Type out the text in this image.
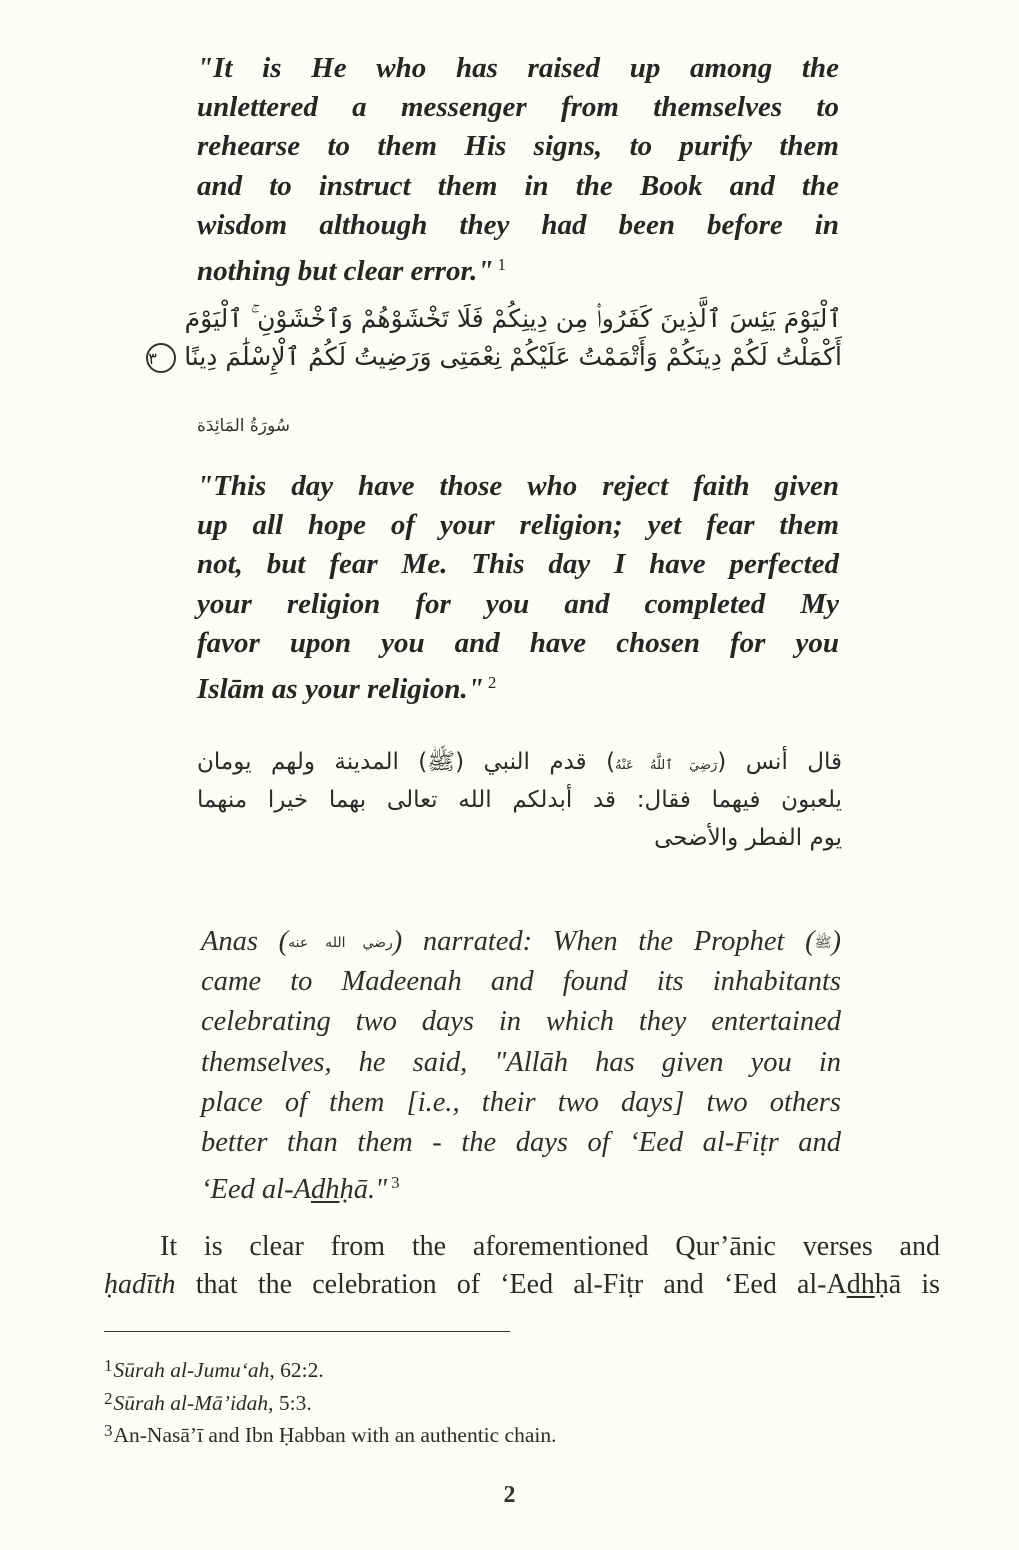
"It is He who has raised up among the
unlettered a messenger from themselves to
rehearse to them His signs, to purify them
and to instruct them in the Book and the
wisdom although they had been before in
nothing but clear error." $^1$
ٱلْيَوْمَ يَئِسَ ٱلَّذِينَ كَفَرُوا۟ مِن دِينِكُمْ فَلَا تَخْشَوْهُمْ وَٱخْشَوْنِ ۚ ٱلْيَوْمَ
أَكْمَلْتُ لَكُمْ دِينَكُمْ وَأَتْمَمْتُ عَلَيْكُمْ نِعْمَتِى وَرَضِيتُ لَكُمُ ٱلْإِسْلَٰمَ دِينًا ٣
سُورَةُ المَائِدَة
"This day have those who reject faith given
up all hope of your religion; yet fear them
not, but fear Me. This day I have perfected
your religion for you and completed My
favor upon you and have chosen for you
Islām as your religion." $^2$
قال أنس (رَضِيَ ٱللَّهُ عَنْهُ) قدم النبي (ﷺ) المدينة ولهم يومان
يلعبون فيهما فقال: قد أبدلكم الله تعالى بهما خيرا منهما
يوم الفطر والأضحى
Anas (رضي الله عنه) narrated: When the Prophet (ﷺ)
came to Madeenah and found its inhabitants
celebrating two days in which they entertained
themselves, he said, "Allāh has given you in
place of them [i.e., their two days] two others
better than them - the days of ‘Eed al-Fiṭr and
‘Eed al-Adhḥā." $^3$
It is clear from the aforementioned Qur’ānic verses and
ḥadīth that the celebration of ‘Eed al-Fiṭr and ‘Eed al-Adhḥā is
$^1$Sūrah al-Jumu‘ah, 62:2.
$^2$Sūrah al-Mā’idah, 5:3.
$^3$An-Nasā’ī and Ibn Ḥabban with an authentic chain.
2
